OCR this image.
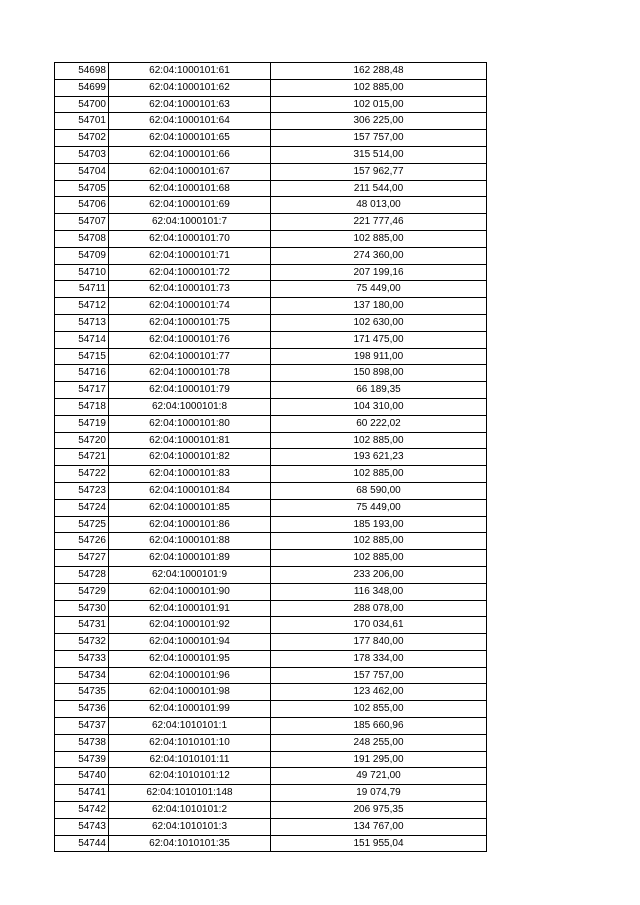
54698	62:04:1000101:61	162 288,48
54699	62:04:1000101:62	102 885,00
54700	62:04:1000101:63	102 015,00
54701	62:04:1000101:64	306 225,00
54702	62:04:1000101:65	157 757,00
54703	62:04:1000101:66	315 514,00
54704	62:04:1000101:67	157 962,77
54705	62:04:1000101:68	211 544,00
54706	62:04:1000101:69	48 013,00
54707	62:04:1000101:7	221 777,46
54708	62:04:1000101:70	102 885,00
54709	62:04:1000101:71	274 360,00
54710	62:04:1000101:72	207 199,16
54711	62:04:1000101:73	75 449,00
54712	62:04:1000101:74	137 180,00
54713	62:04:1000101:75	102 630,00
54714	62:04:1000101:76	171 475,00
54715	62:04:1000101:77	198 911,00
54716	62:04:1000101:78	150 898,00
54717	62:04:1000101:79	66 189,35
54718	62:04:1000101:8	104 310,00
54719	62:04:1000101:80	60 222,02
54720	62:04:1000101:81	102 885,00
54721	62:04:1000101:82	193 621,23
54722	62:04:1000101:83	102 885,00
54723	62:04:1000101:84	68 590,00
54724	62:04:1000101:85	75 449,00
54725	62:04:1000101:86	185 193,00
54726	62:04:1000101:88	102 885,00
54727	62:04:1000101:89	102 885,00
54728	62:04:1000101:9	233 206,00
54729	62:04:1000101:90	116 348,00
54730	62:04:1000101:91	288 078,00
54731	62:04:1000101:92	170 034,61
54732	62:04:1000101:94	177 840,00
54733	62:04:1000101:95	178 334,00
54734	62:04:1000101:96	157 757,00
54735	62:04:1000101:98	123 462,00
54736	62:04:1000101:99	102 855,00
54737	62:04:1010101:1	185 660,96
54738	62:04:1010101:10	248 255,00
54739	62:04:1010101:11	191 295,00
54740	62:04:1010101:12	49 721,00
54741	62:04:1010101:148	19 074,79
54742	62:04:1010101:2	206 975,35
54743	62:04:1010101:3	134 767,00
54744	62:04:1010101:35	151 955,04
